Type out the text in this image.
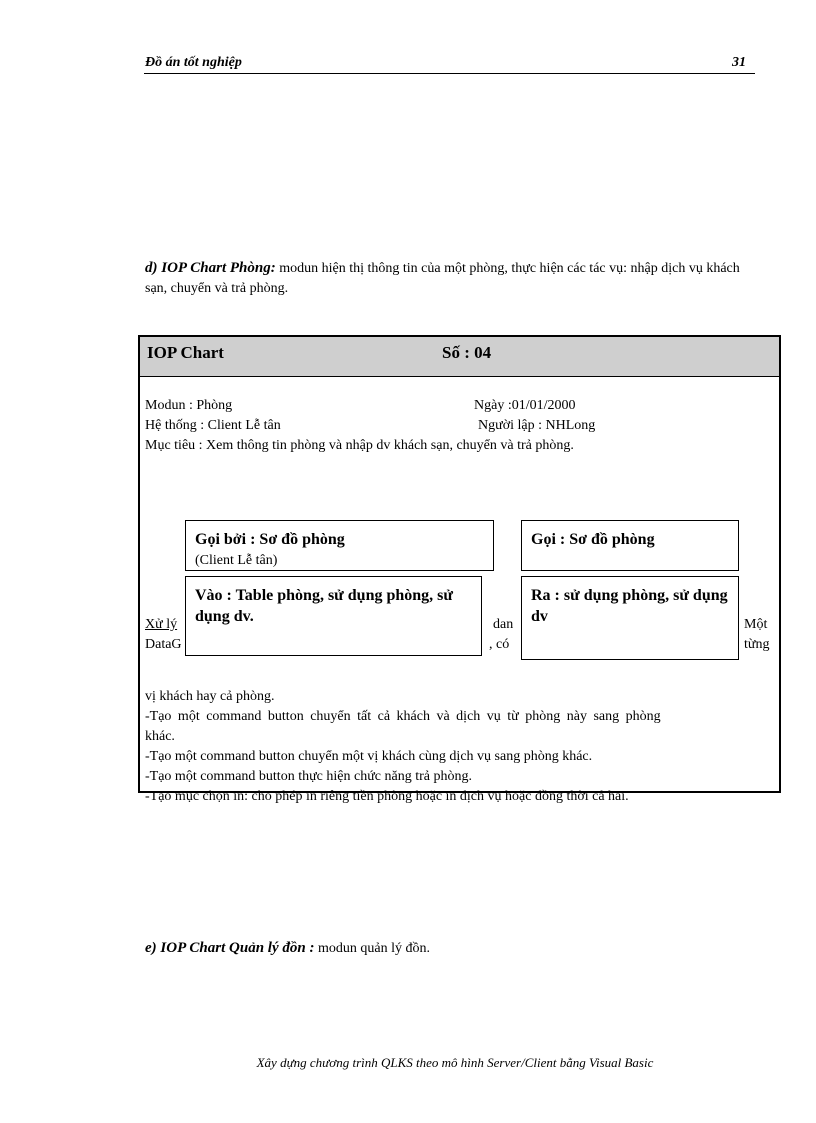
Đồ án tốt nghiệp	31
d) IOP Chart Phòng: modun hiện thị thông tin của một phòng, thực hiện các tác vụ: nhập dịch vụ khách sạn, chuyển và trả phòng.
IOP Chart	Số : 04
Modun : Phòng	Ngày :01/01/2000
Hệ thống : Client Lễ tân	Người lập : NHLong
Mục tiêu : Xem thông tin phòng và nhập dv khách sạn, chuyển và trả phòng.
Xử lý	dan	Một
DataG	, có	từng
vị khách hay cả phòng.
-Tạo một command button chuyển tất cả khách và dịch vụ từ phòng này sang phòng
khác.
-Tạo một command button chuyển một vị khách cùng dịch vụ sang phòng khác.
-Tạo một command button thực hiện chức năng trả phòng.
-Tạo mục chọn in: cho phép in riêng tiền phòng hoặc in dịch vụ hoặc đồng thời cả hai.
Gọi bởi : Sơ đồ phòng
(Client Lễ tân)
Gọi : Sơ đồ phòng
Vào : Table phòng, sử dụng phòng, sử dụng dv.
Ra : sử dụng phòng, sử dụng dv
e) IOP Chart Quản lý đồn : modun quản lý đồn.
Xây dựng chương trình QLKS theo mô hình Server/Client bằng Visual Basic
